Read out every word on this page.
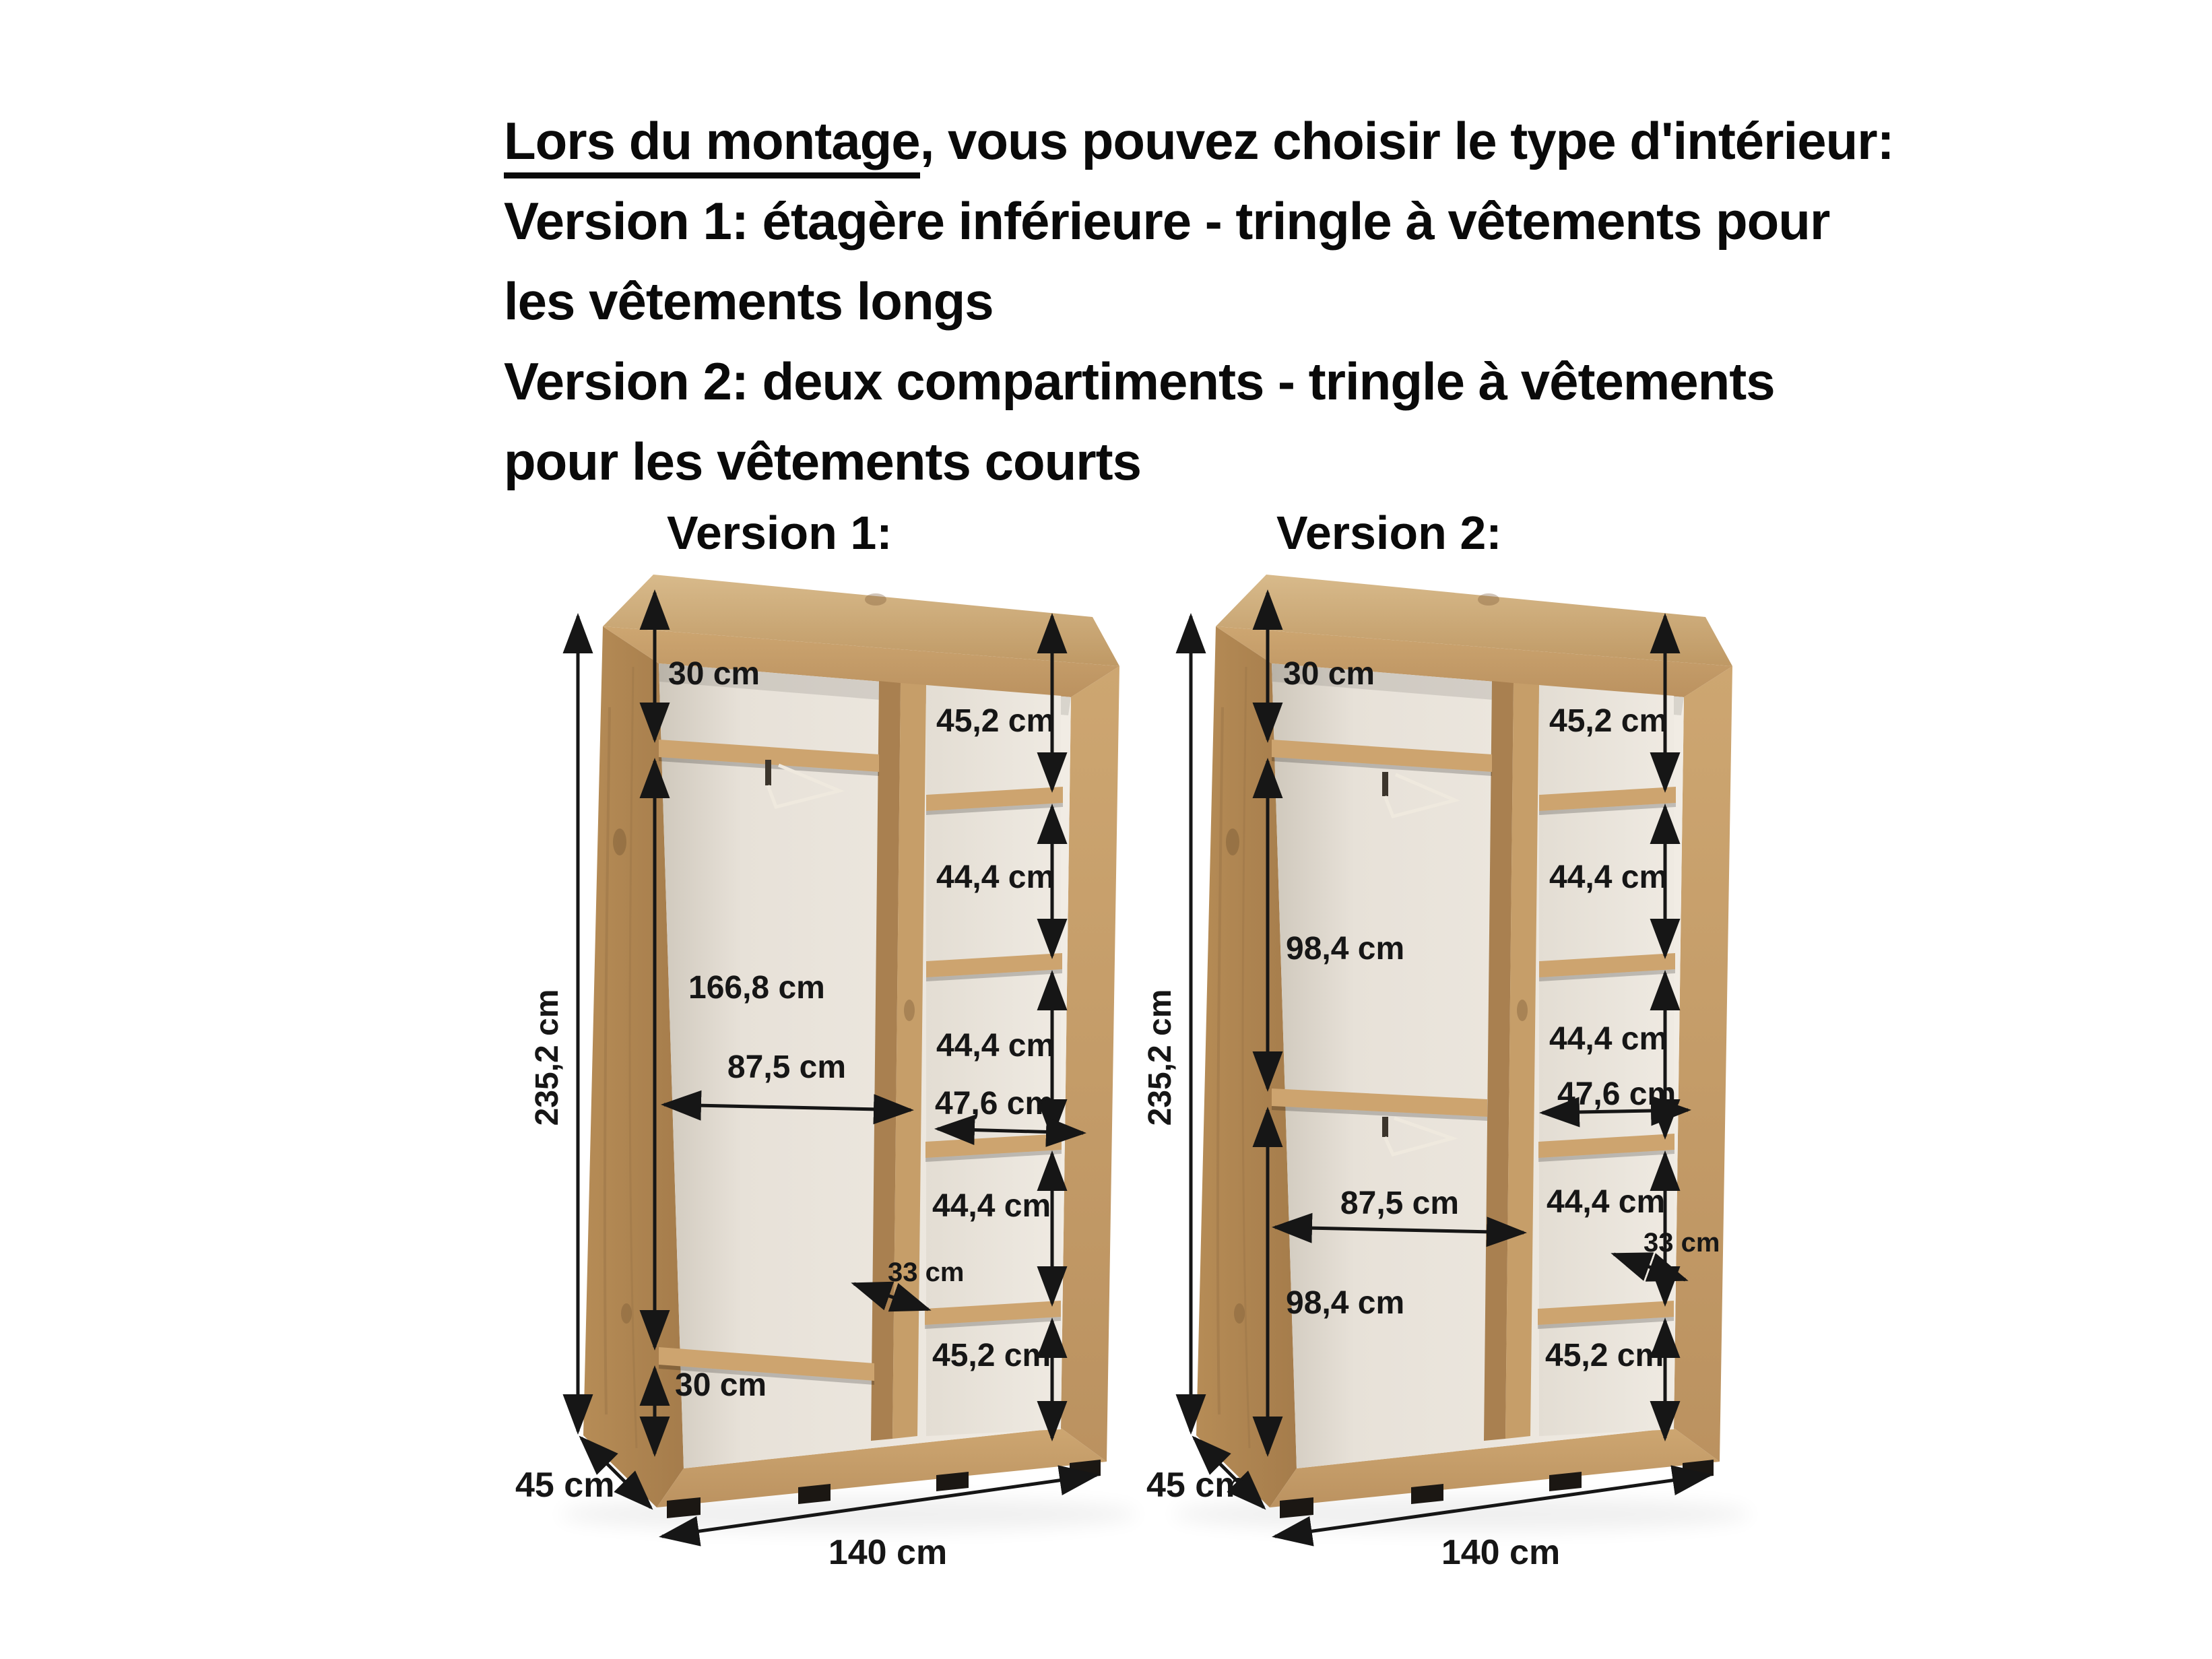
Lors du montage, vous pouvez choisir le type d'intérieur:
Version 1: étagère inférieure - tringle à vêtements pour
les vêtements longs
Version 2: deux compartiments - tringle à vêtements
pour les vêtements courts
Version 1:
30 cm
45,2 cm
44,4 cm
166,8 cm
44,4 cm
87,5 cm
47,6 cm
44,4 cm
33 cm
45,2 cm
30 cm
235,2 cm
45 cm
140 cm
Version 2:
30 cm
45,2 cm
44,4 cm
98,4 cm
44,4 cm
47,6 cm
87,5 cm	44,4 cm
33 cm
98,4 cm
45,2 cm
235,2 cm
45 cm
140 cm
